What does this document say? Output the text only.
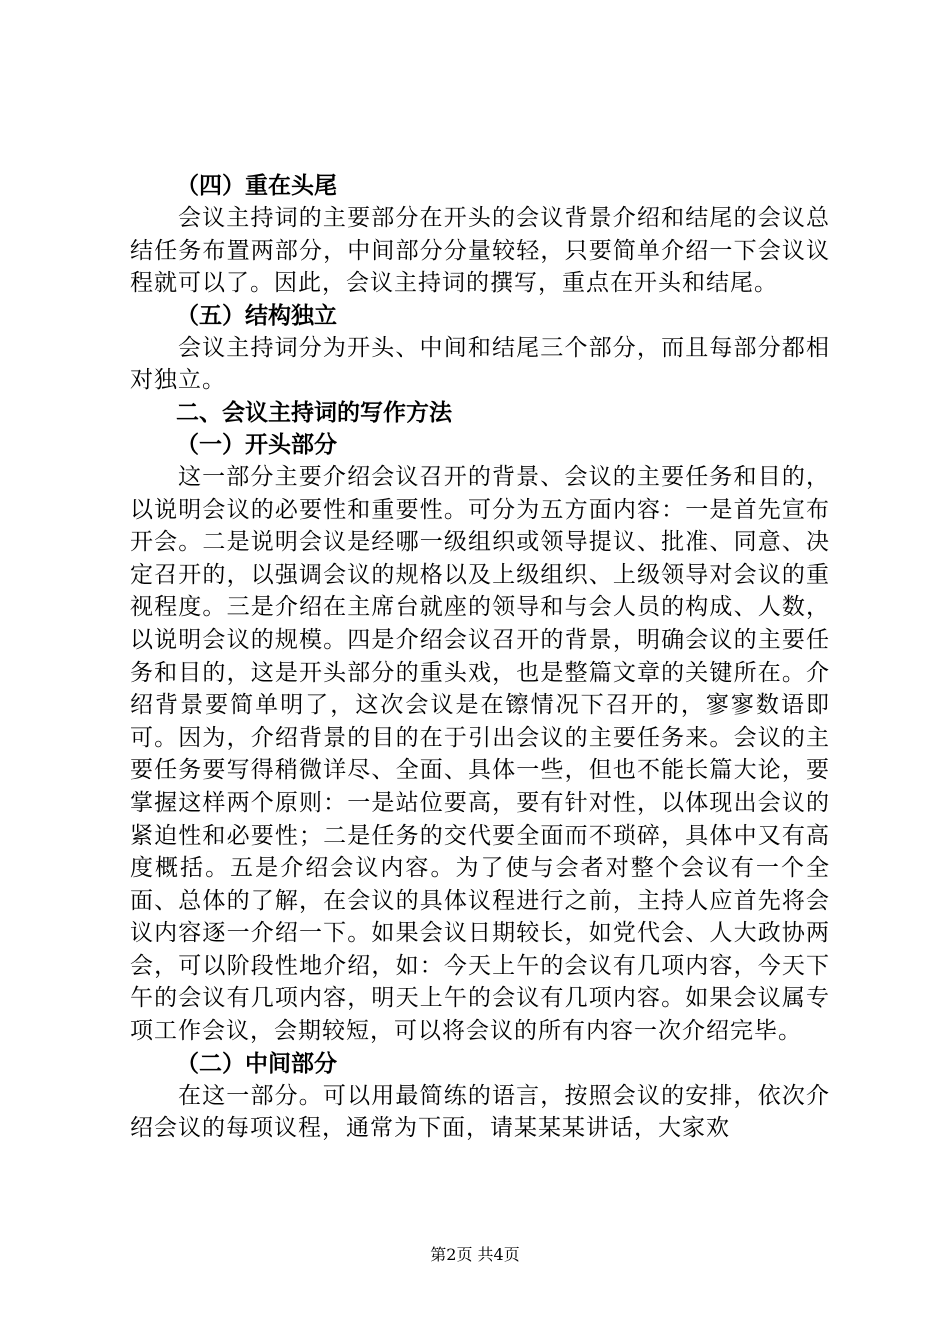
（四）重在头尾

会议主持词的主要部分在开头的会议背景介绍和结尾的会议总结任务布置两部分，中间部分分量较轻，只要简单介绍一下会议议程就可以了。因此，会议主持词的撰写，重点在开头和结尾。

（五）结构独立

会议主持词分为开头、中间和结尾三个部分，而且每部分都相对独立。

二、会议主持词的写作方法
（一）开头部分

这一部分主要介绍会议召开的背景、会议的主要任务和目的，以说明会议的必要性和重要性。可分为五方面内容：一是首先宣布开会。二是说明会议是经哪一级组织或领导提议、批准、同意、决定召开的，以强调会议的规格以及上级组织、上级领导对会议的重视程度。三是介绍在主席台就座的领导和与会人员的构成、人数，以说明会议的规模。四是介绍会议召开的背景，明确会议的主要任务和目的，这是开头部分的重头戏，也是整篇文章的关键所在。介绍背景要简单明了，这次会议是在镲情况下召开的，寥寥数语即可。因为，介绍背景的目的在于引出会议的主要任务来。会议的主要任务要写得稍微详尽、全面、具体一些，但也不能长篇大论，要掌握这样两个原则：一是站位要高，要有针对性，以体现出会议的紧迫性和必要性；二是任务的交代要全面而不琐碎，具体中又有高度概括。五是介绍会议内容。为了使与会者对整个会议有一个全面、总体的了解，在会议的具体议程进行之前，主持人应首先将会议内容逐一介绍一下。如果会议日期较长，如党代会、人大政协两会，可以阶段性地介绍，如：今天上午的会议有几项内容，今天下午的会议有几项内容，明天上午的会议有几项内容。如果会议属专项工作会议，会期较短，可以将会议的所有内容一次介绍完毕。

（二）中间部分

在这一部分。可以用最简练的语言，按照会议的安排，依次介绍会议的每项议程，通常为下面，请某某某讲话，大家欢

第2页 共4页
